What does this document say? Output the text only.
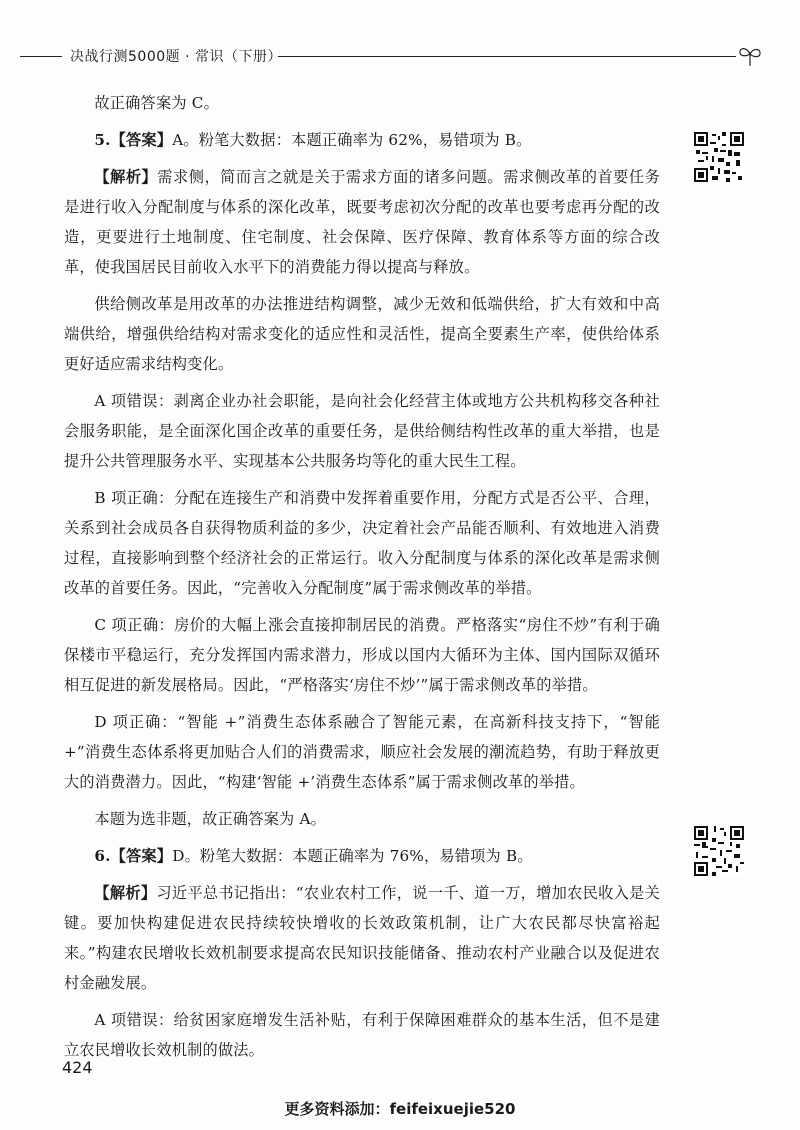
决战行测5000题 · 常识（下册）

故正确答案为 C。

5.【答案】A。粉笔大数据：本题正确率为 62%，易错项为 B。

【解析】需求侧，简而言之就是关于需求方面的诸多问题。需求侧改革的首要任务是进行收入分配制度与体系的深化改革，既要考虑初次分配的改革也要考虑再分配的改造，更要进行土地制度、住宅制度、社会保障、医疗保障、教育体系等方面的综合改革，使我国居民目前收入水平下的消费能力得以提高与释放。

供给侧改革是用改革的办法推进结构调整，减少无效和低端供给，扩大有效和中高端供给，增强供给结构对需求变化的适应性和灵活性，提高全要素生产率，使供给体系更好适应需求结构变化。

A 项错误：剥离企业办社会职能，是向社会化经营主体或地方公共机构移交各种社会服务职能，是全面深化国企改革的重要任务，是供给侧结构性改革的重大举措，也是提升公共管理服务水平、实现基本公共服务均等化的重大民生工程。

B 项正确：分配在连接生产和消费中发挥着重要作用，分配方式是否公平、合理，关系到社会成员各自获得物质利益的多少，决定着社会产品能否顺利、有效地进入消费过程，直接影响到整个经济社会的正常运行。收入分配制度与体系的深化改革是需求侧改革的首要任务。因此，“完善收入分配制度”属于需求侧改革的举措。

C 项正确：房价的大幅上涨会直接抑制居民的消费。严格落实“房住不炒”有利于确保楼市平稳运行，充分发挥国内需求潜力，形成以国内大循环为主体、国内国际双循环相互促进的新发展格局。因此，“严格落实‘房住不炒’”属于需求侧改革的举措。

D 项正确：“智能 +”消费生态体系融合了智能元素，在高新科技支持下，“智能 +”消费生态体系将更加贴合人们的消费需求，顺应社会发展的潮流趋势，有助于释放更大的消费潜力。因此，“构建‘智能 +’消费生态体系”属于需求侧改革的举措。

本题为选非题，故正确答案为 A。

6.【答案】D。粉笔大数据：本题正确率为 76%，易错项为 B。

【解析】习近平总书记指出：“农业农村工作，说一千、道一万，增加农民收入是关键。要加快构建促进农民持续较快增收的长效政策机制，让广大农民都尽快富裕起来。”构建农民增收长效机制要求提高农民知识技能储备、推动农村产业融合以及促进农村金融发展。

A 项错误：给贫困家庭增发生活补贴，有利于保障困难群众的基本生活，但不是建立农民增收长效机制的做法。

424
更多资料添加：feifeixuejie520
